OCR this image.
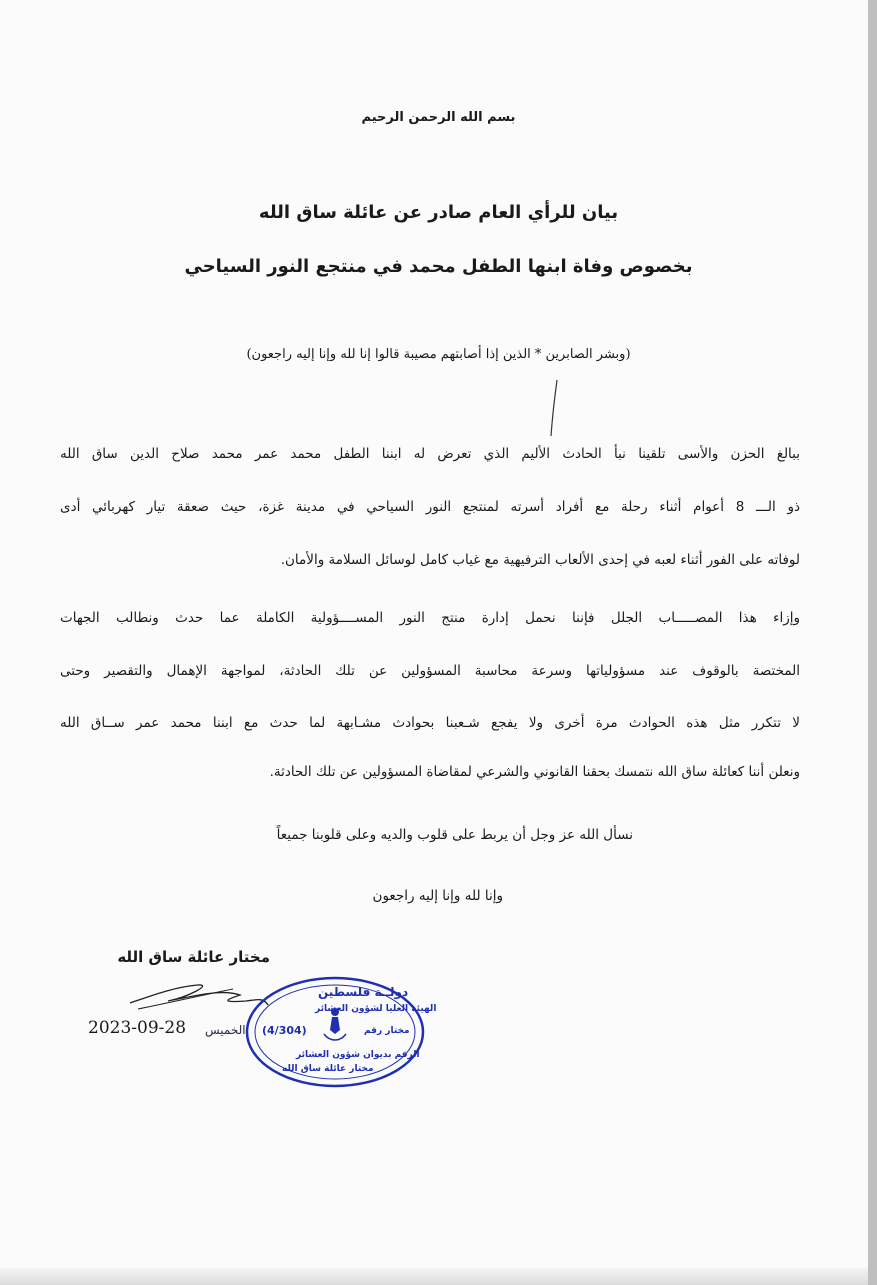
بسم الله الرحمن الرحيم
بيان للرأي العام صادر عن عائلة ساق الله
بخصوص وفاة ابنها الطفل محمد في منتجع النور السياحي
(وبشر الصابرين * الذين إذا أصابتهم مصيبة قالوا إنا لله وإنا إليه راجعون)
ببالغ الحزن والأسى تلقينا نبأ الحادث الأليم الذي تعرض له ابننا الطفل محمد عمر محمد صلاح الدين ساق الله
ذو الـــ 8 أعوام أثناء رحلة مع أفراد أسرته لمنتجع النور السياحي في مدينة غزة، حيث صعقة تيار كهربائي أدى
لوفاته على الفور أثناء لعبه في إحدى الألعاب الترفيهية مع غياب كامل لوسائل السلامة والأمان.
وإزاء هذا المصـــــاب الجلل فإننا نحمل إدارة منتج النور المســــؤولية الكاملة عما حدث ونطالب الجهات
المختصة بالوقوف عند مسؤولياتها وسرعة محاسبة المسؤولين عن تلك الحادثة، لمواجهة الإهمال والتقصير وحتى
لا تتكرر مثل هذه الحوادث مرة أخرى ولا يفجع شـعبنا بحوادث مشـابهة لما حدث مع ابننا محمد عمر ســاق الله
ونعلن أننا كعائلة ساق الله نتمسك بحقنا القانوني والشرعي لمقاضاة المسؤولين عن تلك الحادثة.
نسأل الله عز وجل أن يربط على قلوب والديه وعلى قلوبنا جميعاً
وإنا لله وإنا إليه راجعون
مختار عائلة ساق الله
دولــة فلسطين
الهيئة العليا لشؤون العشائر
مختار رقم
(4/304)
الرقم بديوان شؤون العشائر
مختار عائلة ساق الله
الخميس
2023-09-28
